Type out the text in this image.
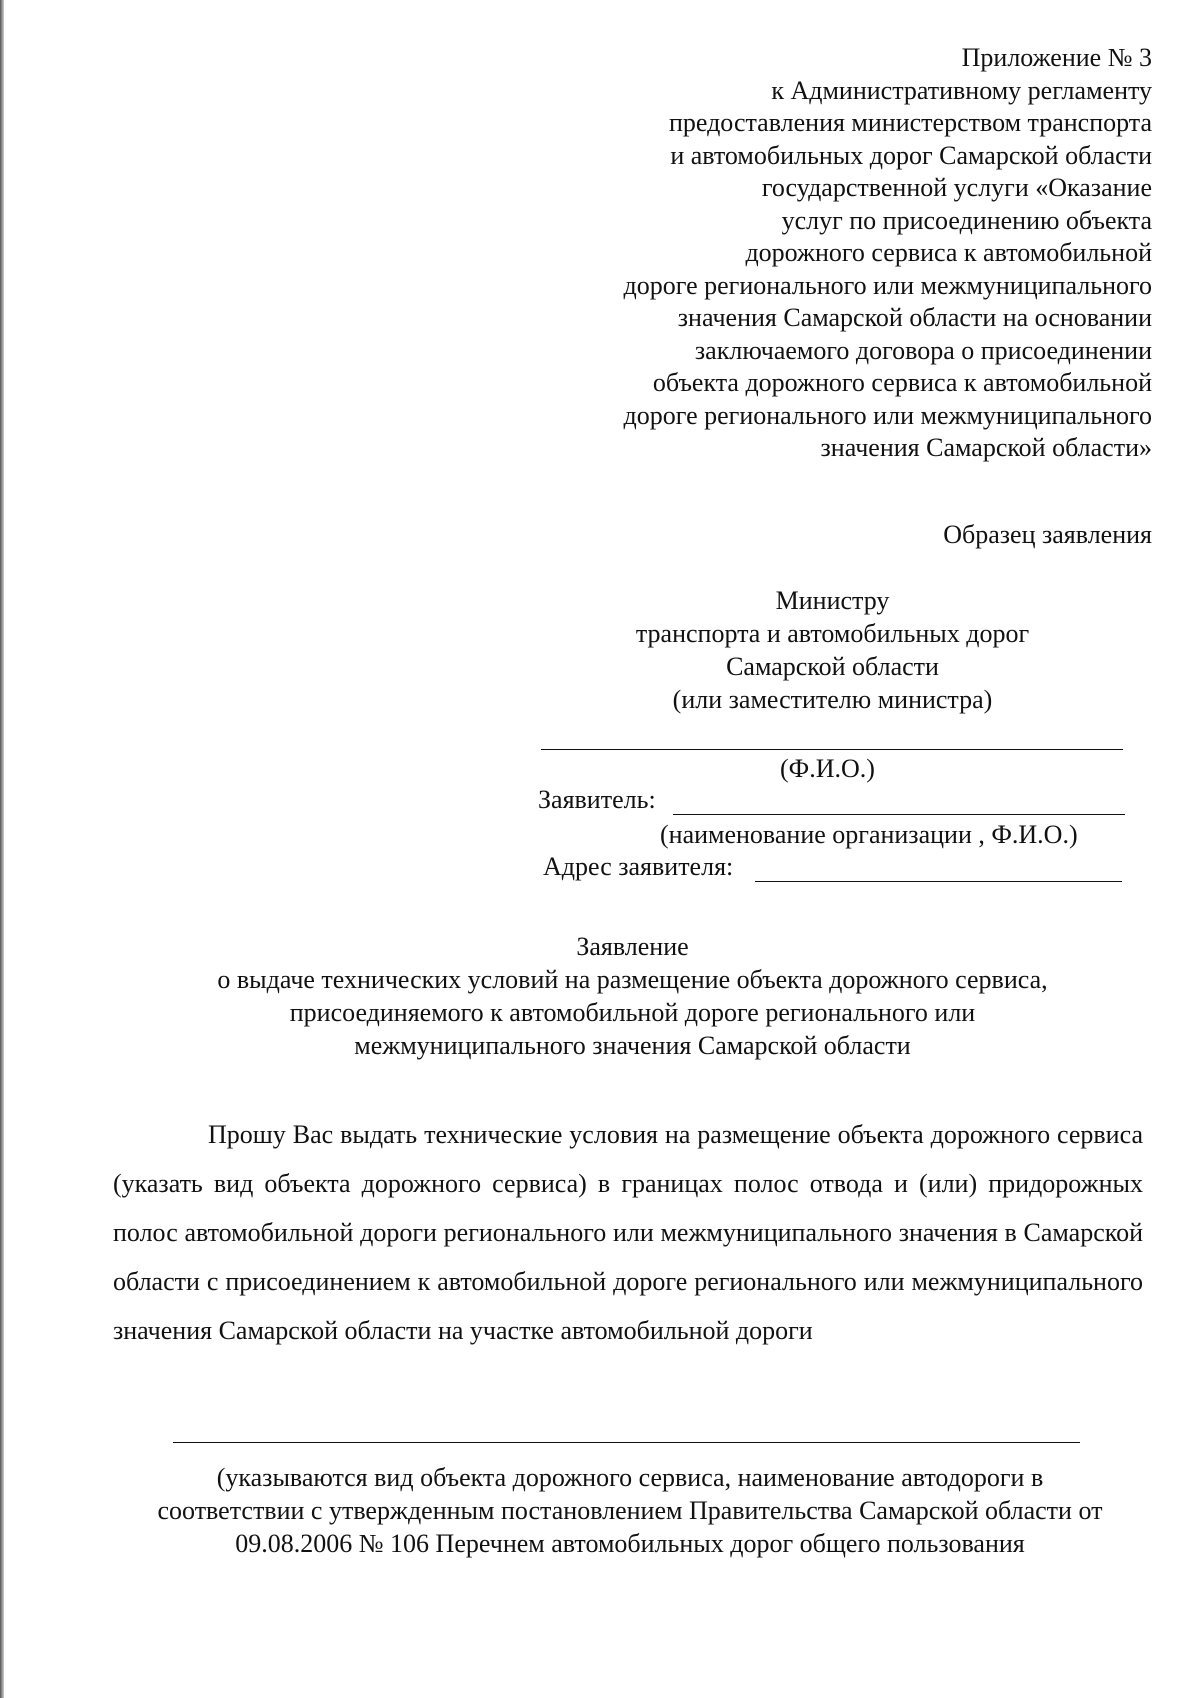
Приложение № 3
к Административному регламенту
предоставления министерством транспорта
и автомобильных дорог Самарской области
государственной услуги «Оказание
услуг по присоединению объекта
дорожного сервиса к автомобильной
дороге регионального или межмуниципального
значения Самарской области на основании
заключаемого договора о присоединении
объекта дорожного сервиса к автомобильной
дороге регионального или межмуниципального
значения Самарской области»
Образец заявления
Министру
транспорта и автомобильных дорог
Самарской области
(или заместителю министра)
(Ф.И.О.)
Заявитель:
(наименование организации , Ф.И.О.)
Адрес заявителя:
Заявление
о выдаче технических условий на размещение объекта дорожного сервиса,
присоединяемого к автомобильной дороге регионального или
межмуниципального значения Самарской области
Прошу Вас выдать технические условия на размещение объекта дорожного сервиса (указать вид объекта дорожного сервиса) в границах полос отвода и (или) придорожных полос автомобильной дороги регионального или межмуниципального значения в Самарской области с присоединением к автомобильной дороге регионального или межмуниципального значения Самарской области на участке автомобильной дороги
(указываются вид объекта дорожного сервиса, наименование автодороги в
соответствии с утвержденным постановлением Правительства Самарской области от
09.08.2006 № 106 Перечнем автомобильных дорог общего пользования
